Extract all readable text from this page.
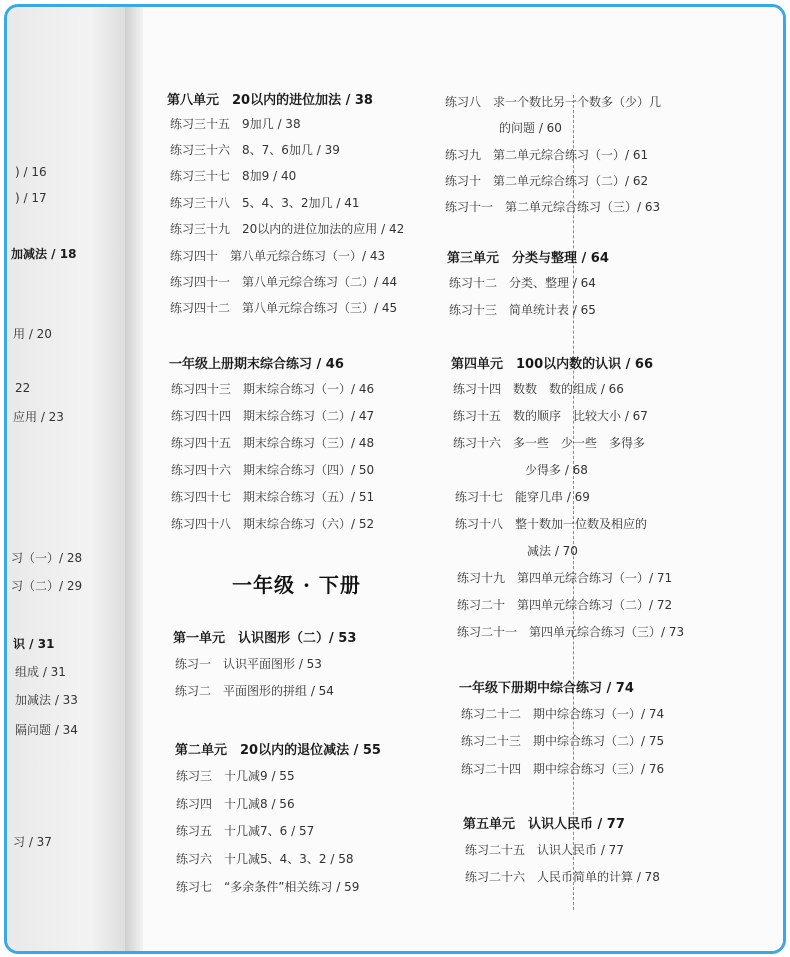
) / 16
) / 17
加减法 / 18
用 / 20
22
应用 / 23
习（一）/ 28
习（二）/ 29
识 / 31
组成 / 31
加减法 / 33
隔问题 / 34
习 / 37
第八单元　20以内的进位加法 / 38
练习三十五　9加几 / 38
练习三十六　8、7、6加几 / 39
练习三十七　8加9 / 40
练习三十八　5、4、3、2加几 / 41
练习三十九　20以内的进位加法的应用 / 42
练习四十　第八单元综合练习（一）/ 43
练习四十一　第八单元综合练习（二）/ 44
练习四十二　第八单元综合练习（三）/ 45
一年级上册期末综合练习 / 46
练习四十三　期末综合练习（一）/ 46
练习四十四　期末综合练习（二）/ 47
练习四十五　期末综合练习（三）/ 48
练习四十六　期末综合练习（四）/ 50
练习四十七　期末综合练习（五）/ 51
练习四十八　期末综合练习（六）/ 52
一年级 · 下册
第一单元　认识图形（二）/ 53
练习一　认识平面图形 / 53
练习二　平面图形的拼组 / 54
第二单元　20以内的退位减法 / 55
练习三　十几减9 / 55
练习四　十几减8 / 56
练习五　十几减7、6 / 57
练习六　十几减5、4、3、2 / 58
练习七　“多余条件”相关练习 / 59
练习八　求一个数比另一个数多（少）几
的问题 / 60
练习九　第二单元综合练习（一）/ 61
练习十　第二单元综合练习（二）/ 62
练习十一　第二单元综合练习（三）/ 63
第三单元　分类与整理 / 64
练习十二　分类、整理 / 64
练习十三　简单统计表 / 65
第四单元　100以内数的认识 / 66
练习十四　数数　数的组成 / 66
练习十五　数的顺序　比较大小 / 67
练习十六　多一些　少一些　多得多
少得多 / 68
练习十七　能穿几串 / 69
练习十八　整十数加一位数及相应的
减法 / 70
练习十九　第四单元综合练习（一）/ 71
练习二十　第四单元综合练习（二）/ 72
练习二十一　第四单元综合练习（三）/ 73
一年级下册期中综合练习 / 74
练习二十二　期中综合练习（一）/ 74
练习二十三　期中综合练习（二）/ 75
练习二十四　期中综合练习（三）/ 76
第五单元　认识人民币 / 77
练习二十五　认识人民币 / 77
练习二十六　人民币简单的计算 / 78
